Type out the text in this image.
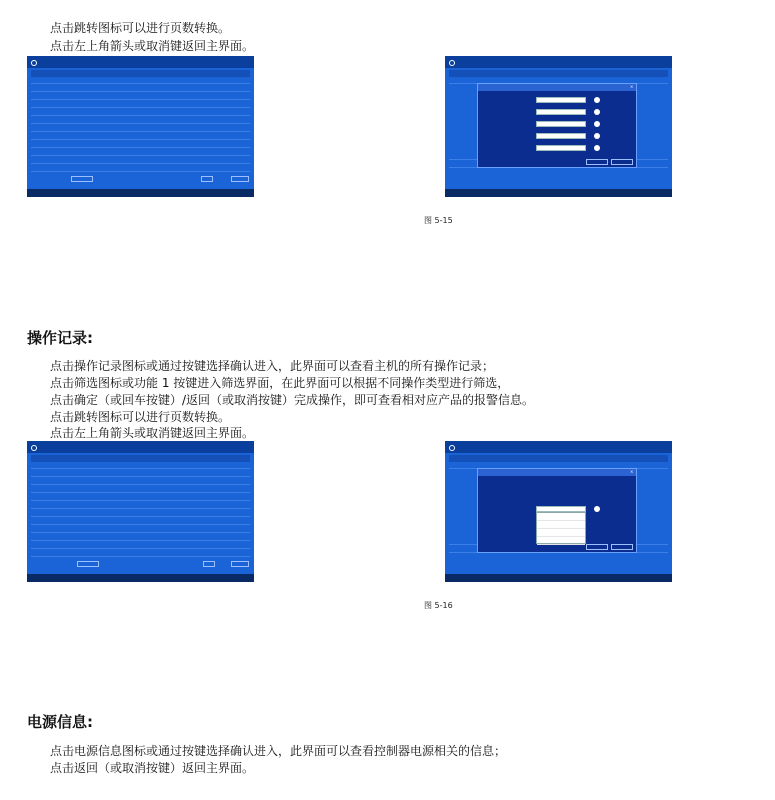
点击跳转图标可以进行页数转换。
点击左上角箭头或取消键返回主界面。
×
图 5-15
操作记录:
点击操作记录图标或通过按键选择确认进入，此界面可以查看主机的所有操作记录；
点击筛选图标或功能 1 按键进入筛选界面，在此界面可以根据不同操作类型进行筛选，
点击确定（或回车按键）/返回（或取消按键）完成操作，即可查看相对应产品的报警信息。
点击跳转图标可以进行页数转换。
点击左上角箭头或取消键返回主界面。
×
图 5-16
电源信息:
点击电源信息图标或通过按键选择确认进入，此界面可以查看控制器电源相关的信息；
点击返回（或取消按键）返回主界面。
